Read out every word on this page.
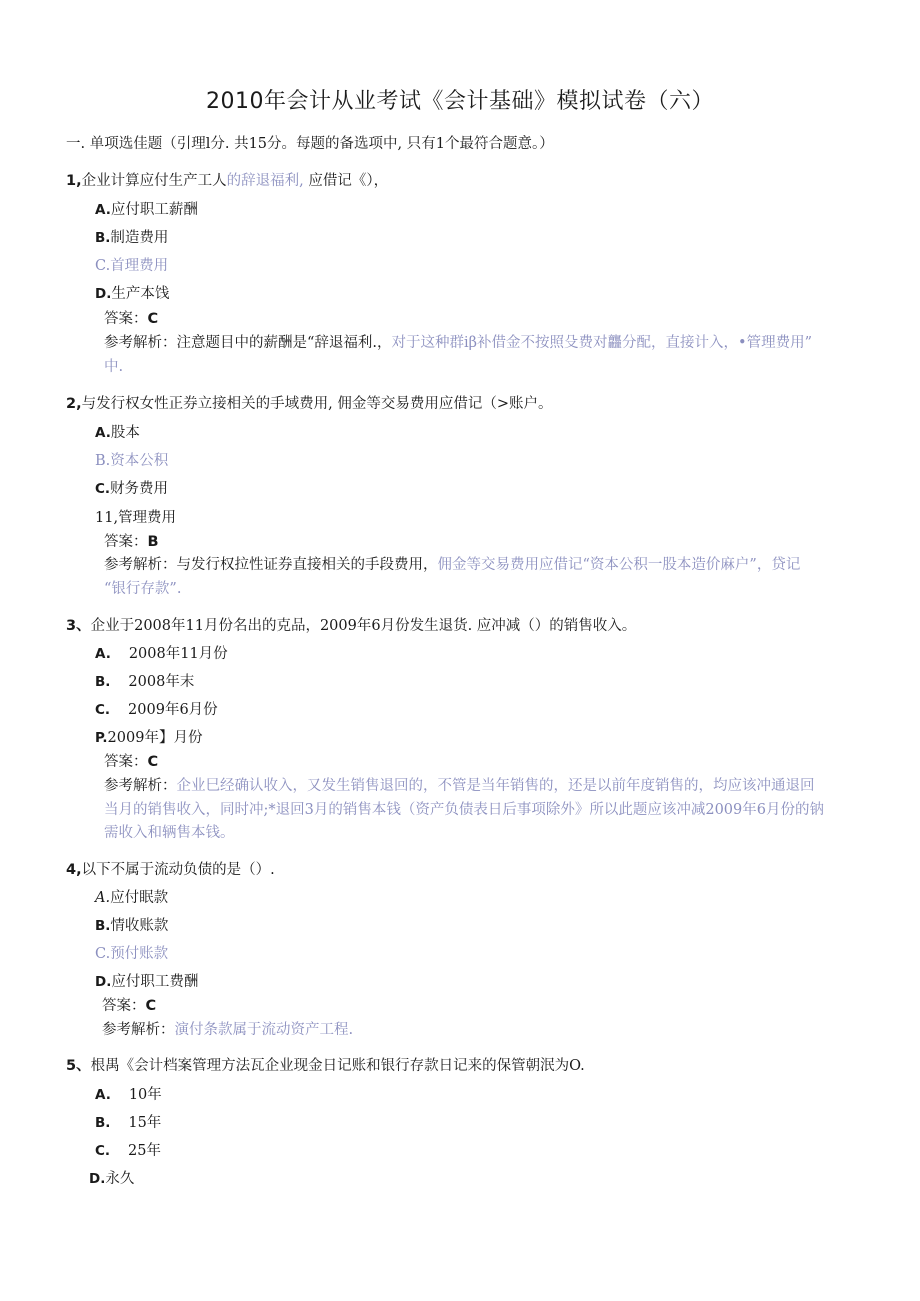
2010年会计从业考试《会计基础》模拟试卷（六）
一. 单项选佳题（引理l分. 共15分。每题的备选项中, 只有1个最符合题意。）
1,企业计算应付生产工人的辞退福利, 应借记《），
A.应付职工薪酬
B.制造费用
C.首理费用
D.生产本饯
答案：C
参考解析：注意题目中的薪酬是“辞退福利.，对于这种群iβ补借金不按照殳费对龘分配，直接计入，•管理费用”
中.
2,与发行权女性正券立接相关的手域费用, 佣金等交易费用应借记（>账户。
A.股本
B.资本公积
C.财务费用
11,管理费用
答案：B
参考解析：与发行权拉性证券直接相关的手段费用，佣金等交易费用应借记“资本公积一股本造价麻户”，贷记
“银行存款”.
3、企业于2008年11月份名出的克品，2009年6月份发生退货. 应冲减（）的销售收入。
A. 2008年11月份
B. 2008年末
C. 2009年6月份
P.2009年】月份
答案：C
参考解析：企业巳经确认收入，又发生销售退回的，不管是当年销售的，还是以前年度销售的，均应该冲通退回
当月的销售收入，同时冲;*退回3月的销售本钱（资产负债表日后事项除外》所以此题应该冲减2009年6月份的钠
需收入和辆售本钱。
4,以下不属于流动负债的是（）.
A.应付眠款
B.情收账款
C.预付账款
D.应付职工费酬
答案：C
参考解析：演付条款属于流动资产工程.
5、根禺《会计档案管理方法瓦企业现金日记账和银行存款日记来的保管朝泯为O.
A. 10年
B. 15年
C. 25年
D.永久
